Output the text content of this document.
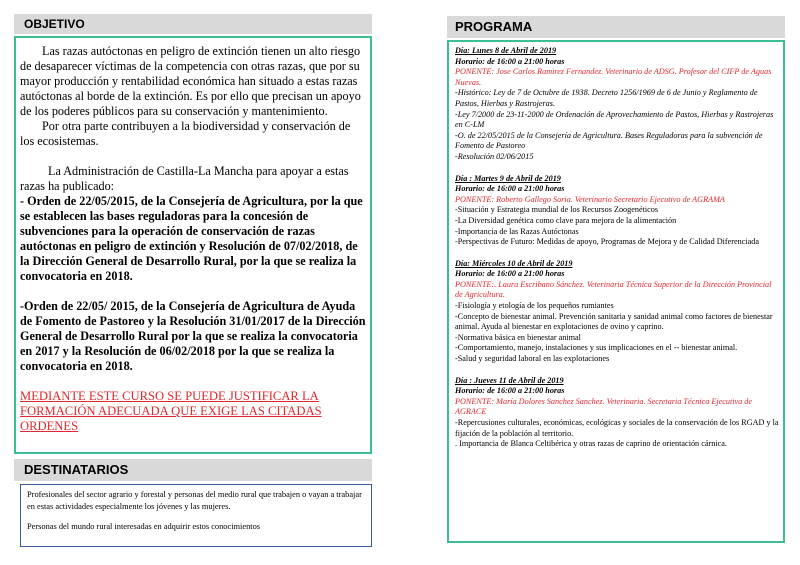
OBJETIVO

Las razas autóctonas en peligro de extinción tienen un alto riesgo de desaparecer víctimas de la competencia con otras razas, que por su mayor producción y rentabilidad económica han situado a estas razas autóctonas al borde de la extinción. Es por ello que precisan un apoyo de los poderes públicos para su conservación y mantenimiento.

Por otra parte contribuyen a la biodiversidad y conservación de los ecosistemas.

La Administración de Castilla-La Mancha para apoyar a estas razas ha publicado:

- Orden de 22/05/2015, de la Consejería de Agricultura, por la que se establecen las bases reguladoras para la concesión de subvenciones para la operación de conservación de razas autóctonas en peligro de extinción y Resolución de 07/02/2018, de la Dirección General de Desarrollo Rural, por la que se realiza la convocatoria en 2018.

-Orden de 22/05/ 2015, de la Consejería de Agricultura de Ayuda de Fomento de Pastoreo y la Resolución 31/01/2017 de la Dirección General de Desarrollo Rural por la que se realiza la convocatoria en 2017 y la Resolución de 06/02/2018 por la que se realiza la convocatoria en 2018.

MEDIANTE ESTE CURSO SE PUEDE JUSTIFICAR LA FORMACIÓN ADECUADA QUE EXIGE LAS CITADAS ORDENES

DESTINATARIOS

Profesionales del sector agrario y forestal y personas del medio rural que trabajen o vayan a trabajar en estas actividades especialmente los jóvenes y las mujeres.

Personas del mundo rural interesadas en adquirir estos conocimientos

PROGRAMA
Día: Lunes 8 de Abril de 2019
Horario: de 16:00 a 21:00 horas
PONENTE: Jose Carlos Ramirez Fernandez. Veterinario de ADSG. Profesor del CIFP de Aguas Nuevas.
-Histórico: Ley de 7 de Octubre de 1938. Decreto 1256/1969 de 6 de Junio y Reglamento de Pastos, Hierbas y Rastrojeras.
-Ley 7/2000 de 23-11-2000 de Ordenación de Aprovechamiento de Pastos, Hierbas y Rastrojeras en C-LM
-O. de 22/05/2015 de la Consejería de Agricultura. Bases Reguladoras para la subvención de Fomento de Pastoreo
-Resolución 02/06/2015
Día : Martes 9 de Abril de 2019
Horario: de 16:00 a 21:00 horas
PONENTE: Roberto Gallego Soria. Veterinario Secretario Ejecutivo de AGRAMA
-Situación y Estrategia mundial de los Recursos Zoogenéticos
-La Diversidad genética como clave para mejora de la alimentación
-Importancia de las Razas Autóctonas
-Perspectivas de Futuro: Medidas de apoyo, Programas de Mejora y de Calidad Diferenciada
Día: Miércoles 10 de Abril de 2019
Horario: de 16:00 a 21:00 horas
PONENTE:. Laura Escribano Sánchez. Veterinaria Técnica Superior de la Dirección Provincial de Agricultura.
-Fisiología y etología de los pequeños rumiantes
-Concepto de bienestar animal. Prevención sanitaria y sanidad animal como factores de bienestar animal. Ayuda al bienestar en explotaciones de ovino y caprino.
-Normativa básica en bienestar animal
-Comportamiento, manejo, instalaciones y sus implicaciones en el -- bienestar animal.
-Salud y seguridad laboral en las explotaciones
Día : Jueves 11 de Abril de 2019
Horario: de 16:00 a 21:00 horas
PONENTE: María Dolores Sanchez Sanchez. Veterinaria. Secretaria Técnica Ejecutiva de AGRACE
-Repercusiones culturales, económicas, ecológicas y sociales de la conservación de los RGAD y la fijación de la población al territorio.
. Importancia de Blanca Celtibérica y otras razas de caprino de orientación cárnica.
